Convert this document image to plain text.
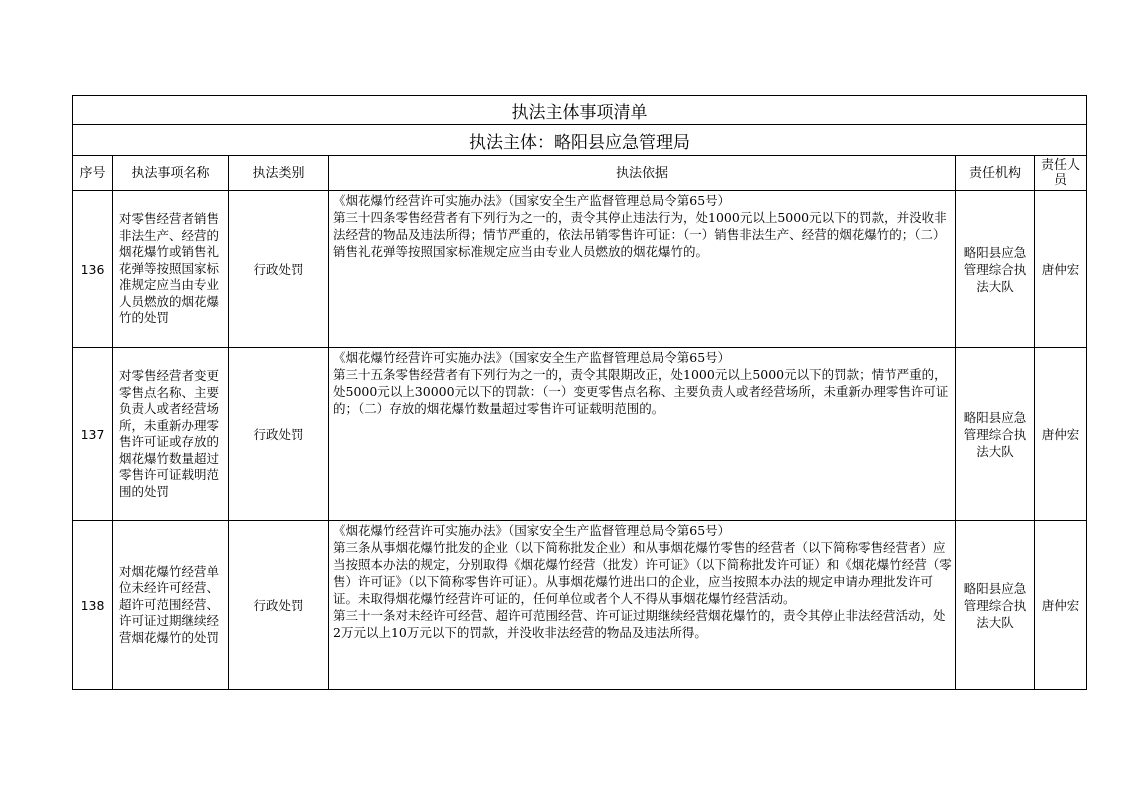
执法主体事项清单					
执法主体：略阳县应急管理局					
序号	执法事项名称	执法类别	执法依据	责任机构	责任人员
136	对零售经营者销售非法生产、经营的烟花爆竹或销售礼花弹等按照国家标准规定应当由专业人员燃放的烟花爆竹的处罚	行政处罚	《烟花爆竹经营许可实施办法》（国家安全生产监督管理总局令第65号）
第三十四条零售经营者有下列行为之一的，责令其停止违法行为，处1000元以上5000元以下的罚款，并没收非法经营的物品及违法所得；情节严重的，依法吊销零售许可证：（一）销售非法生产、经营的烟花爆竹的；（二）销售礼花弹等按照国家标准规定应当由专业人员燃放的烟花爆竹的。	略阳县应急管理综合执法大队	唐仲宏
137	对零售经营者变更零售点名称、主要负责人或者经营场所，未重新办理零售许可证或存放的烟花爆竹数量超过零售许可证载明范围的处罚	行政处罚	《烟花爆竹经营许可实施办法》（国家安全生产监督管理总局令第65号）
第三十五条零售经营者有下列行为之一的，责令其限期改正，处1000元以上5000元以下的罚款；情节严重的，处5000元以上30000元以下的罚款：（一）变更零售点名称、主要负责人或者经营场所，未重新办理零售许可证的；（二）存放的烟花爆竹数量超过零售许可证载明范围的。	略阳县应急管理综合执法大队	唐仲宏
138	对烟花爆竹经营单位未经许可经营、超许可范围经营、许可证过期继续经营烟花爆竹的处罚	行政处罚	《烟花爆竹经营许可实施办法》（国家安全生产监督管理总局令第65号）
第三条从事烟花爆竹批发的企业（以下简称批发企业）和从事烟花爆竹零售的经营者（以下简称零售经营者）应当按照本办法的规定，分别取得《烟花爆竹经营（批发）许可证》（以下简称批发许可证）和《烟花爆竹经营（零售）许可证》（以下简称零售许可证）。从事烟花爆竹进出口的企业，应当按照本办法的规定申请办理批发许可证。未取得烟花爆竹经营许可证的，任何单位或者个人不得从事烟花爆竹经营活动。
第三十一条对未经许可经营、超许可范围经营、许可证过期继续经营烟花爆竹的，责令其停止非法经营活动，处2万元以上10万元以下的罚款，并没收非法经营的物品及违法所得。	略阳县应急管理综合执法大队	唐仲宏
